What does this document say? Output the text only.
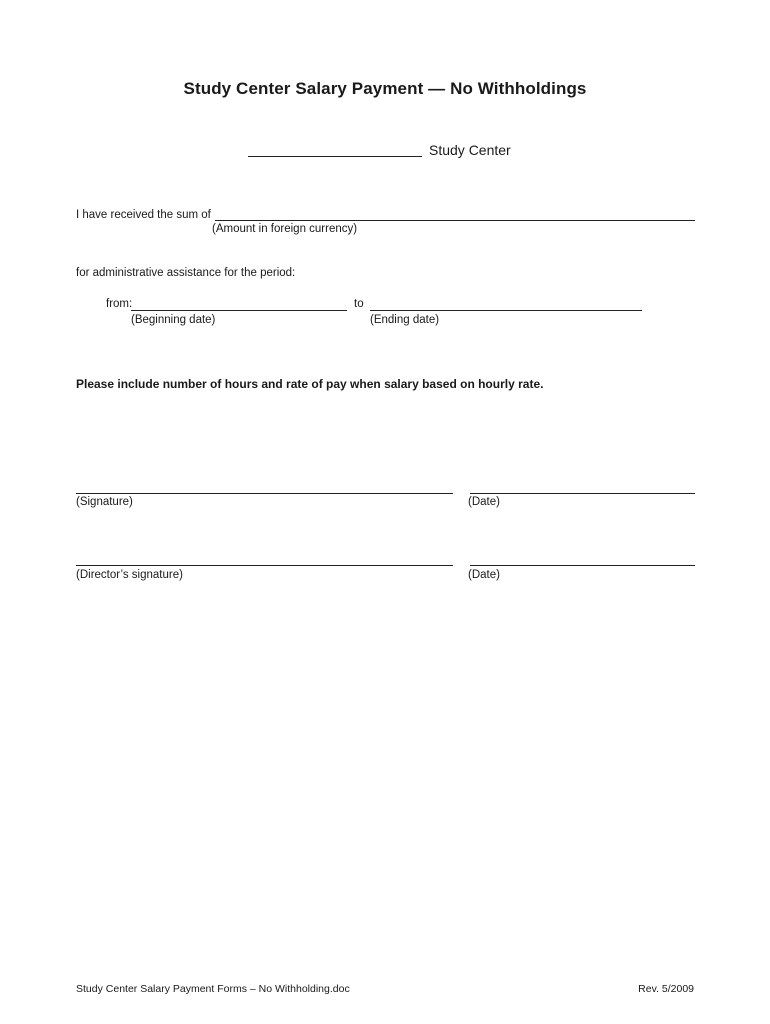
Study Center Salary Payment — No Withholdings
Study Center
I have received the sum of
(Amount in foreign currency)
for administrative assistance for the period:
from:	to
(Beginning date)	(Ending date)
Please include number of hours and rate of pay when salary based on hourly rate.
(Signature)	(Date)
(Director’s signature)	(Date)
Study Center Salary Payment Forms – No Withholding.doc	Rev. 5/2009
